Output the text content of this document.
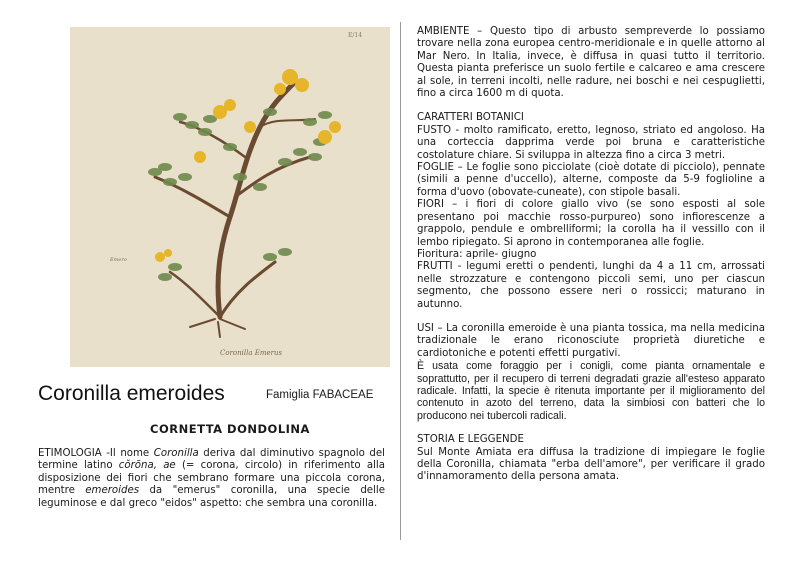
E/14
Coronilla Emerus
Emero
Coronilla emeroides	Famiglia FABACEAE
CORNETTA DONDOLINA
ETIMOLOGIA -Il nome Coronilla deriva dal diminutivo spagnolo del termine latino cŏrōna, ae (= corona, circolo) in riferimento alla disposizione dei fiori che sembrano formare una piccola corona, mentre emeroides da "emerus" coronilla, una specie delle leguminose e dal greco "eidos" aspetto: che sembra una coronilla.

AMBIENTE – Questo tipo di arbusto sempreverde lo possiamo trovare nella zona europea centro-meridionale e in quelle attorno al Mar Nero. In Italia, invece, è diffusa in quasi tutto il territorio. Questa pianta preferisce un suolo fertile e calcareo e ama crescere al sole, in terreni incolti, nelle radure, nei boschi e nei cespuglietti, fino a circa 1600 m di quota.

CARATTERI BOTANICI

FUSTO - molto ramificato, eretto, legnoso, striato ed angoloso. Ha una corteccia dapprima verde poi bruna e caratteristiche costolature chiare. Si sviluppa in altezza fino a circa 3 metri.

FOGLIE – Le foglie sono picciolate (cioè dotate di picciolo), pennate (simili a penne d'uccello), alterne, composte da 5-9 foglioline a forma d'uovo (obovate-cuneate), con stipole basali.

FIORI – i fiori di colore giallo vivo (se sono esposti al sole presentano poi macchie rosso-purpureo) sono infiorescenze a grappolo, pendule e ombrelliformi; la corolla ha il vessillo con il lembo ripiegato. Si aprono in contemporanea alle foglie.

Fioritura: aprile- giugno

FRUTTI - legumi eretti o pendenti, lunghi da 4 a 11 cm, arrossati nelle strozzature e contengono piccoli semi, uno per ciascun segmento, che possono essere neri o rossicci; maturano in autunno.

USI – La coronilla emeroide è una pianta tossica, ma nella medicina tradizionale le erano riconosciute proprietà diuretiche e cardiotoniche e potenti effetti purgativi.

È usata come foraggio per i conigli, come pianta ornamentale e soprattutto, per il recupero di terreni degradati grazie all'esteso apparato radicale. Infatti, la specie è ritenuta importante per il miglioramento del contenuto in azoto del terreno, data la simbiosi con batteri che lo producono nei tubercoli radicali.

STORIA E LEGGENDE

Sul Monte Amiata era diffusa la tradizione di impiegare le foglie della Coronilla, chiamata "erba dell'amore", per verificare il grado d'innamoramento della persona amata.
